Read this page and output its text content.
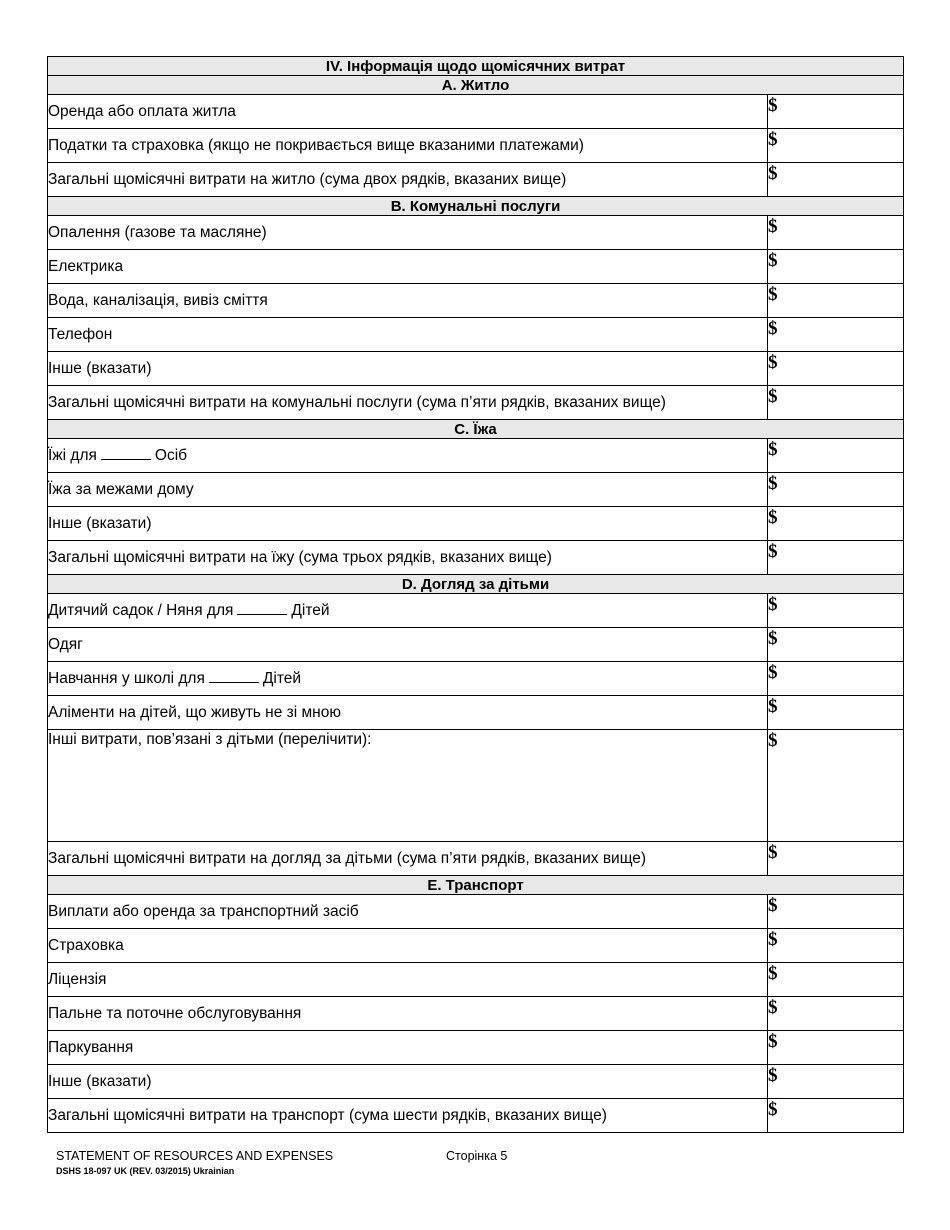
IV. Інформація щодо щомісячних витрат	
A. Житло	
Оренда або оплата житла	$
Податки та страховка (якщо не покривається вище вказаними платежами)	$
Загальні щомісячні витрати на житло (сума двох рядків, вказаних вище)	$
B. Комунальні послуги	
Опалення (газове та масляне)	$
Електрика	$
Вода, каналізація, вивіз сміття	$
Телефон	$
Інше (вказати)	$
Загальні щомісячні витрати на комунальні послуги (сума п’яти рядків, вказаних вище)	$
C. Їжа	
Їжі для Осіб	$
Їжа за межами дому	$
Інше (вказати)	$
Загальні щомісячні витрати на їжу (сума трьох рядків, вказаних вище)	$
D. Догляд за дітьми	
Дитячий садок / Няня для Дітей	$
Одяг	$
Навчання у школі для Дітей	$
Аліменти на дітей, що живуть не зі мною	$
Інші витрати, пов’язані з дітьми (перелічити):	$
Загальні щомісячні витрати на догляд за дітьми (сума п’яти рядків, вказаних вище)	$
E. Транспорт	
Виплати або оренда за транспортний засіб	$
Страховка	$
Ліцензія	$
Пальне та поточне обслуговування	$
Паркування	$
Інше (вказати)	$
Загальні щомісячні витрати на транспорт (сума шести рядків, вказаних вище)	$
STATEMENT OF RESOURCES AND EXPENSES	Сторінка 5
DSHS 18-097 UK (REV. 03/2015) Ukrainian
